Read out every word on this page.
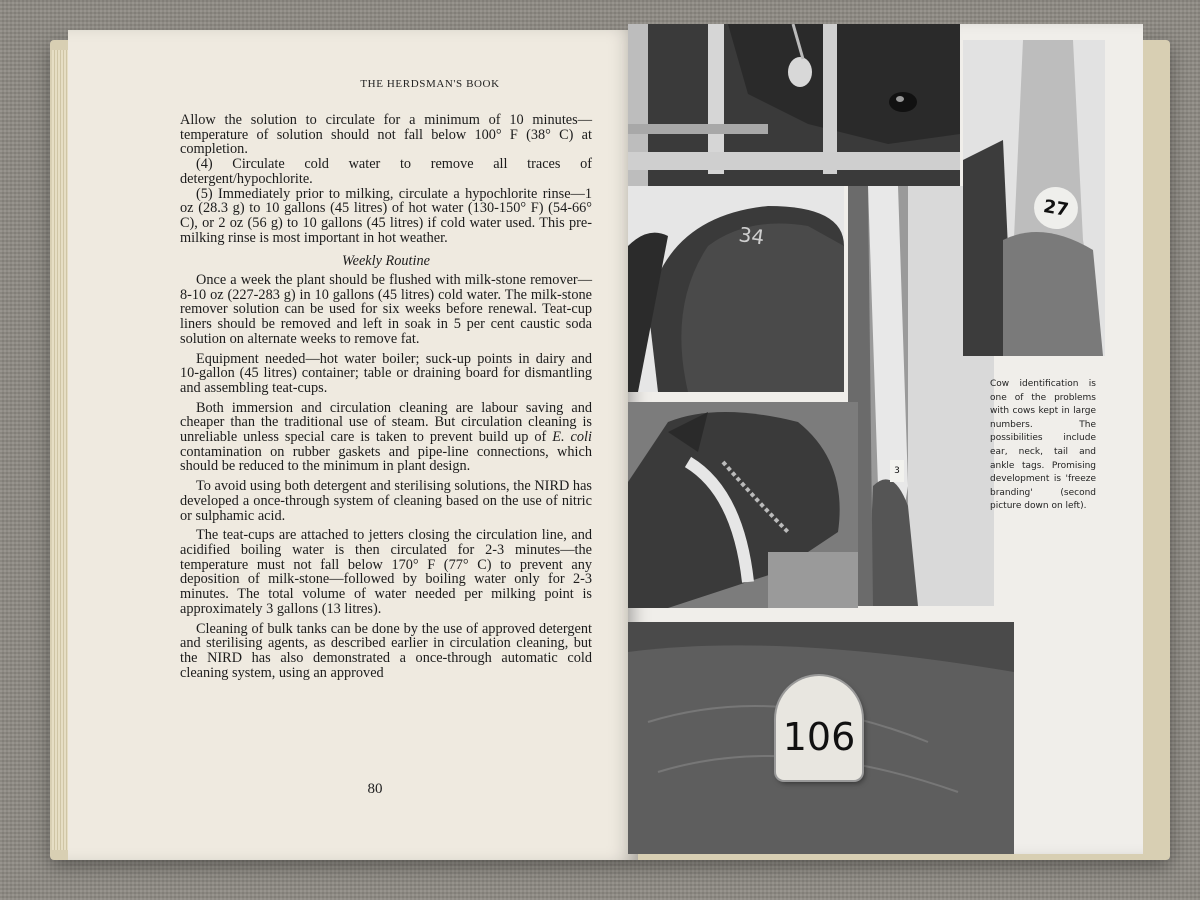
THE HERDSMAN'S BOOK

Allow the solution to circulate for a minimum of 10 minutes—temperature of solution should not fall below 100° F (38° C) at completion.

(4) Circulate cold water to remove all traces of detergent/hypochlorite.

(5) Immediately prior to milking, circulate a hypochlorite rinse—1 oz (28.3 g) to 10 gallons (45 litres) of hot water (130-150° F) (54-66° C), or 2 oz (56 g) to 10 gallons (45 litres) if cold water used. This pre-milking rinse is most important in hot weather.

Weekly Routine

Once a week the plant should be flushed with milk-stone remover—8-10 oz (227-283 g) in 10 gallons (45 litres) cold water. The milk-stone remover solution can be used for six weeks before renewal. Teat-cup liners should be removed and left in soak in 5 per cent caustic soda solution on alternate weeks to remove fat.

Equipment needed—hot water boiler; suck-up points in dairy and 10-gallon (45 litres) container; table or draining board for dismantling and assembling teat-cups.

Both immersion and circulation cleaning are labour saving and cheaper than the traditional use of steam. But circulation cleaning is unreliable unless special care is taken to prevent build up of E. coli contamination on rubber gaskets and pipe-line connections, which should be reduced to the minimum in plant design.

To avoid using both detergent and sterilising solutions, the NIRD has developed a once-through system of cleaning based on the use of nitric or sulphamic acid.

The teat-cups are attached to jetters closing the circulation line, and acidified boiling water is then circulated for 2-3 minutes—the temperature must not fall below 170° F (77° C) to prevent any deposition of milk-stone—followed by boiling water only for 2-3 minutes. The total volume of water needed per milking point is approximately 3 gallons (13 litres).

Cleaning of bulk tanks can be done by the use of approved detergent and sterilising agents, as described earlier in circulation cleaning, but the NIRD has also demonstrated a once-through automatic cold cleaning system, using an approved

80
34
3
27
106
Cow identification is one of the problems with cows kept in large numbers. The possibilities include ear, neck, tail and ankle tags. Promising development is 'freeze branding' (second picture down on left).
